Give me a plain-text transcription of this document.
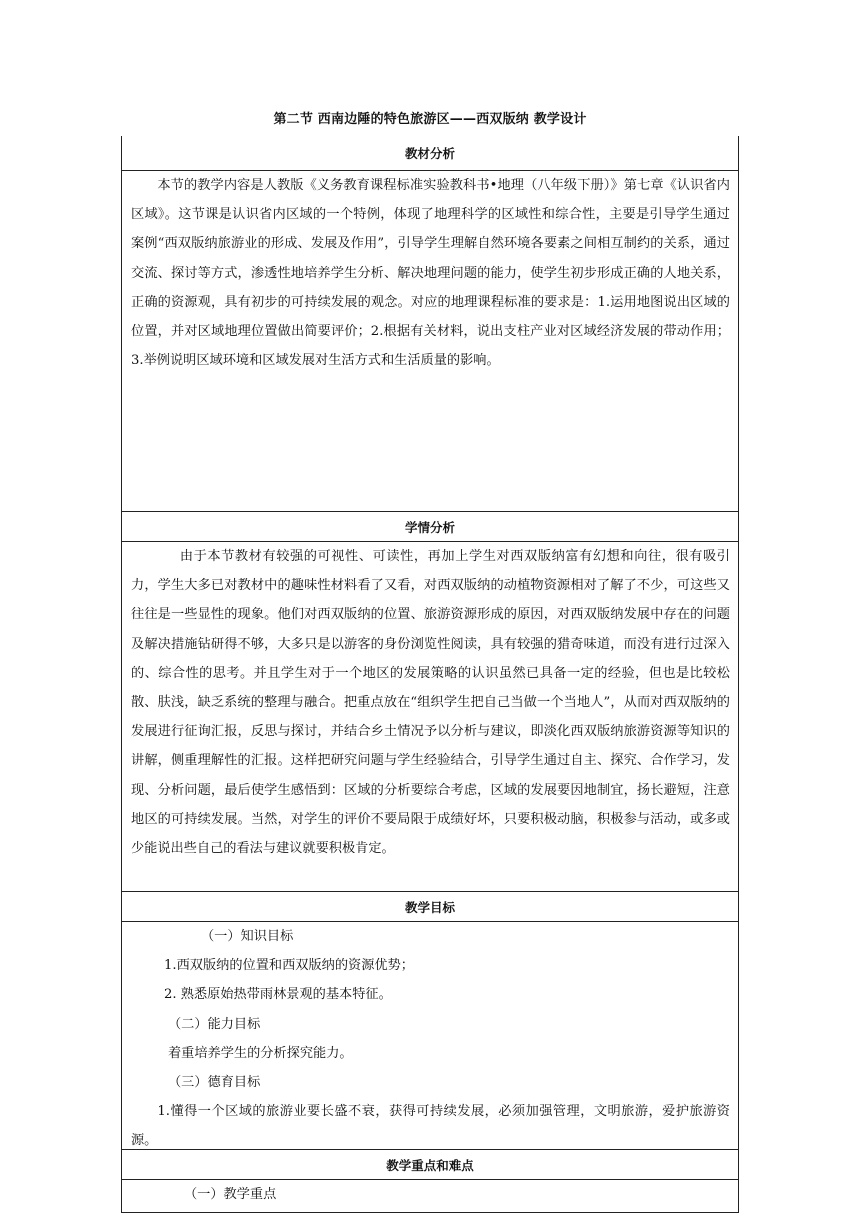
第二节 西南边陲的特色旅游区——西双版纳 教学设计
教材分析

本节的教学内容是人教版《义务教育课程标准实验教科书•地理（八年级下册）》第七章《认识省内区域》。这节课是认识省内区域的一个特例，体现了地理科学的区域性和综合性，主要是引导学生通过案例“西双版纳旅游业的形成、发展及作用”，引导学生理解自然环境各要素之间相互制约的关系，通过交流、探讨等方式，渗透性地培养学生分析、解决地理问题的能力，使学生初步形成正确的人地关系，正确的资源观，具有初步的可持续发展的观念。对应的地理课程标准的要求是：1.运用地图说出区域的位置，并对区域地理位置做出简要评价；2.根据有关材料，说出支柱产业对区域经济发展的带动作用；3.举例说明区域环境和区域发展对生活方式和生活质量的影响。

学情分析

由于本节教材有较强的可视性、可读性，再加上学生对西双版纳富有幻想和向往，很有吸引力，学生大多已对教材中的趣味性材料看了又看，对西双版纳的动植物资源相对了解了不少，可这些又往往是一些显性的现象。他们对西双版纳的位置、旅游资源形成的原因，对西双版纳发展中存在的问题及解决措施钻研得不够，大多只是以游客的身份浏览性阅读，具有较强的猎奇味道，而没有进行过深入的、综合性的思考。并且学生对于一个地区的发展策略的认识虽然已具备一定的经验，但也是比较松散、肤浅，缺乏系统的整理与融合。把重点放在“组织学生把自己当做一个当地人”，从而对西双版纳的发展进行征询汇报，反思与探讨，并结合乡土情况予以分析与建议，即淡化西双版纳旅游资源等知识的讲解，侧重理解性的汇报。这样把研究问题与学生经验结合，引导学生通过自主、探究、合作学习，发现、分析问题，最后使学生感悟到：区域的分析要综合考虑，区域的发展要因地制宜，扬长避短，注意地区的可持续发展。当然，对学生的评价不要局限于成绩好坏，只要积极动脑，积极参与活动，或多或少能说出些自己的看法与建议就要积极肯定。

教学目标

（一）知识目标

1.西双版纳的位置和西双版纳的资源优势；

2. 熟悉原始热带雨林景观的基本特征。

（二）能力目标

着重培养学生的分析探究能力。

（三）德育目标

1.懂得一个区域的旅游业要长盛不衰，获得可持续发展，必须加强管理，文明旅游，爱护旅游资源。

教学重点和难点

（一）教学重点
